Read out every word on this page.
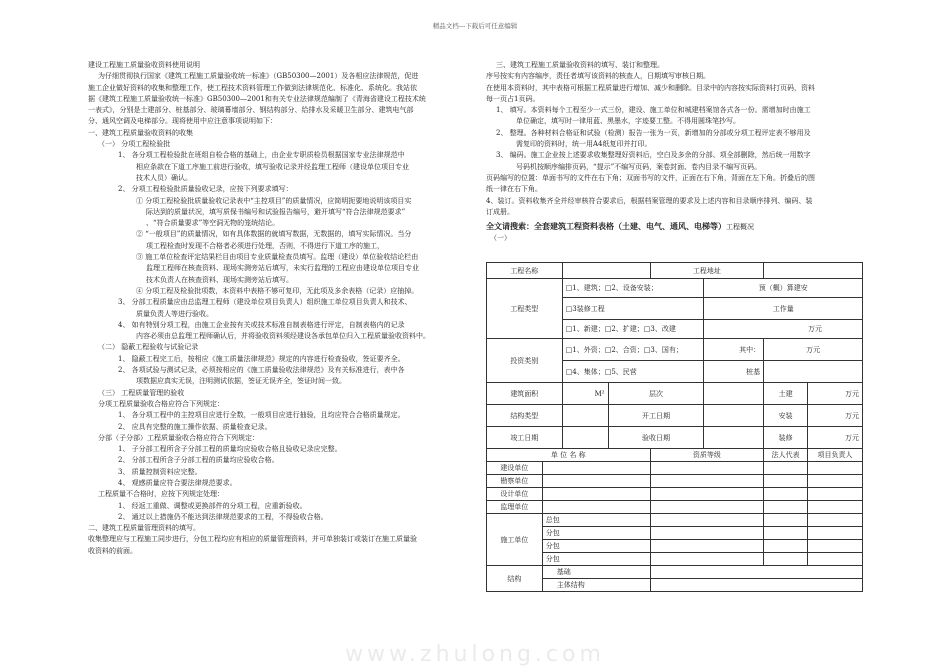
精品文档---下载后可任意编辑

建设工程施工质量验收资料使用说明

为仔细贯彻执行国家《建筑工程施工质量验收统一标准》（GB50300—2001）及各相应法律规范，促进

施工企业做好资料的收集和整理工作，使工程技术资料管理工作做到法律规范化、标准化、系统化。我站依

据《建筑工程施工质量验收统一标准》GB50300—2001和有关专业法律规范编制了《青海省建设工程技术统

一表式》，分别是土建部分、桩基部分、玻璃幕墙部分、钢结构部分、给排水及采暖卫生部分、建筑电气部

分、通风空调及电梯部分。现将使用中应注意事项说明如下：

一、建筑工程质量验收资料的收集

（一） 分项工程检验批

1、 各分项工程检验批在班组自检合格的基础上，由企业专职质检员根据国家专业法律规范中

相应条款在下道工序施工前进行验收，填写验收记录并经监理工程师（建设单位项目专业

技术人员）确认。

2、 分项工程检验批质量验收记录，应按下列要求填写：

① 分项工程检验批质量验收记录表中“主控项目”的质量情况，应简明扼要地说明该项目实

际达到的质量状况，填写质保书编号和试验报告编号，避开填写“符合法律规范要求”

、“符合质量要求”等空洞无物的笼统结论。

② “一般项目”的质量情况，如有具体数据的就填写数据，无数据的，填写实际情况。当分

项工程检查时发现不合格者必须进行处理，否则，不得进行下道工序的施工，

③ 施工单位检查评定结果栏目由项目专业质量检查员填写。监理（建设）单位验收结论栏由

监理工程师在核查资料、现场实测旁站后填写，未实行监理的工程应由建设单位项目专业

技术负责人在核查资料、现场实测旁站后填写。

④ 分项工程及检验批项数，本资料中表格不够可复印，无此项及多余表格（记录）应抽掉。

3、 分部工程质量应由总监理工程师（建设单位项目负责人）组织施工单位项目负责人和技术、

质量负责人等进行验收。

4、 如有特别分项工程，由施工企业按有关或技术标准自制表格进行评定，自制表格内的记录

内容必须由总监理工程师确认后，并将验收资料须经建设各承包单位归入工程质量验收资料中。

（二） 隐蔽工程验收与试验记录

1、 隐蔽工程完工后，按相应《施工质量法律规范》规定的内容进行检查验收，签证要齐全。

2、 各项试验与测试记录，必须按相应的《施工质量验收法律规范》及有关标准进行，表中各

项数据应真实无误，注明测试依据，签证无误齐全，签证时间一致。

（三） 工程质量管理的验收

分项工程质量验收合格应符合下列规定：

1、 各分项工程中的主控项目应进行全数，一般项目应进行抽验，且均应符合合格质量规定。

2、 应具有完整的施工操作依据、质量检查记录。

分部（子分部）工程质量验收合格应符合下列规定：

1、 子分部工程所含子分部工程的质量均应验收合格且验收记录应完整。

2、 分部工程所含子分部工程的质量均应验收合格。

3、 质量控制资料应完整。

4、 观感质量应符合要法律规范要求。

工程质量不合格时，应按下列规定处理：

1、 经返工重做、调整或更换部件的分项工程，应重新验收。

2、 通过以上措施仍不能达到法律规范要求的工程，不得验收合格。

二、建筑工程质量管理资料的填写。

收集整理应与工程施工同步进行，分包工程均应有相应的质量管理资料，并可单独装订或装订在施工质量验

收资料的前面。

三、建筑工程施工质量验收资料的填写、装订和整理。

序号按实有内容编序，责任者填写该资料的核查人，日期填写审核日期。

在使用本资料时，其中表格可根据工程质量进行增加、减少和删除。目录中的内容按实际资料打页码，资料

每一页占1页码。

1、 填写。本资料每个工程至少一式三份，建设、施工单位和城建档案馆各式各一份。需增加时由施工

单位确定，填写时一律用蓝、黑墨水，字迹要工整。不得用圆珠笔抄写。

2、 整理。各种材料合格证和试验（检测）报告一张为一页，新增加的分部或分项工程评定表不够用及

需复印的资料时，统一用A4纸复印并打印。

3、 编码。施工企业按上述要求收集整理好资料后，空白及多余的分部、项全部删除，然后统一用数字

号码机按顺序编排页码，“提示”不编写页码，案卷封面、卷内目录不编写页码。

页码编写的位置：单面书写的文件在右下角；双面书写的文件，正面在右下角，背面在左下角。折叠后的图

纸一律在右下角。

4、装订。资料收集齐全并经审核符合要求后，根据档案管理的要求及上述内容和目录顺序排列、编码、装

订成册。

全文请搜索：全套建筑工程资料表格（土建、电气、通风、电梯等）工程概况

（一）

工程名称				工程地址			
工程类型		□1、建筑；□2、设备安装；			预（概）算建安		
		□3装修工程			工作量		
		□1、新建；□2、扩建；□3、改建			万元		
投资类别		□1、外资；□2、合资；□3、国有；			其中：	万元	
		□4、集体；□5、民营			桩基		
建筑面积		M²	层次			土建	万元
结构类型			开工日期			安装	万元
竣工日期			验收日期			装修	万元
单 位 名 称				资质等级		法人代表	项目负责人
建设单位							
勘察单位							
设计单位							
监理单位							
施工单位	总包						
	分包						
	分包						
	分包						
结构	基础						
	主体结构						
www.zhulong.com
